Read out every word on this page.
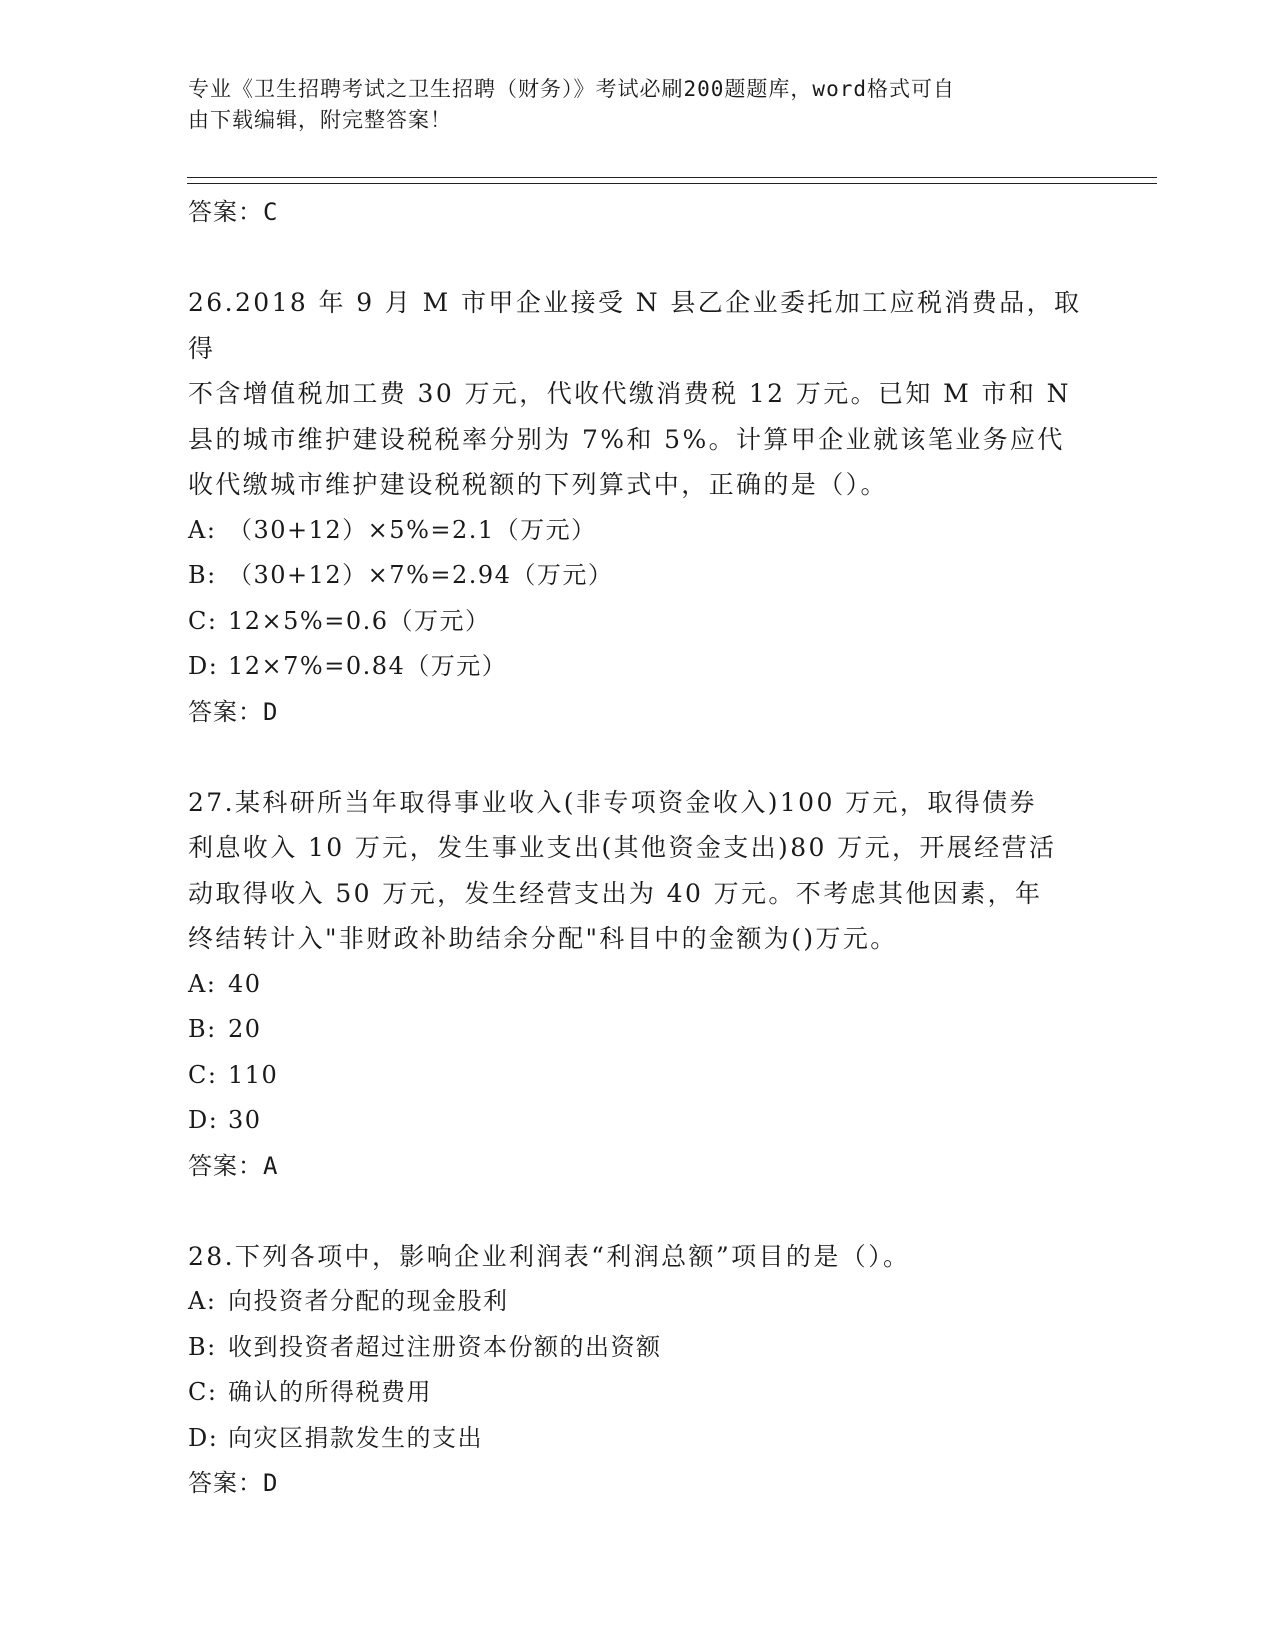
专业《卫生招聘考试之卫生招聘（财务）》考试必刷200题题库，word格式可自
由下载编辑，附完整答案！
答案：C
26.2018 年 9 月 M 市甲企业接受 N 县乙企业委托加工应税消费品，取得
不含增值税加工费 30 万元，代收代缴消费税 12 万元。已知 M 市和 N
县的城市维护建设税税率分别为 7%和 5%。计算甲企业就该笔业务应代
收代缴城市维护建设税税额的下列算式中，正确的是（）。
A: （30+12）×5%=2.1（万元）
B: （30+12）×7%=2.94（万元）
C: 12×5%=0.6（万元）
D: 12×7%=0.84（万元）
答案：D
27.某科研所当年取得事业收入(非专项资金收入)100 万元，取得债券
利息收入 10 万元，发生事业支出(其他资金支出)80 万元，开展经营活
动取得收入 50 万元，发生经营支出为 40 万元。不考虑其他因素，年
终结转计入"非财政补助结余分配"科目中的金额为()万元。
A: 40
B: 20
C: 110
D: 30
答案：A
28.下列各项中，影响企业利润表“利润总额”项目的是（）。
A: 向投资者分配的现金股利
B: 收到投资者超过注册资本份额的出资额
C: 确认的所得税费用
D: 向灾区捐款发生的支出
答案：D
